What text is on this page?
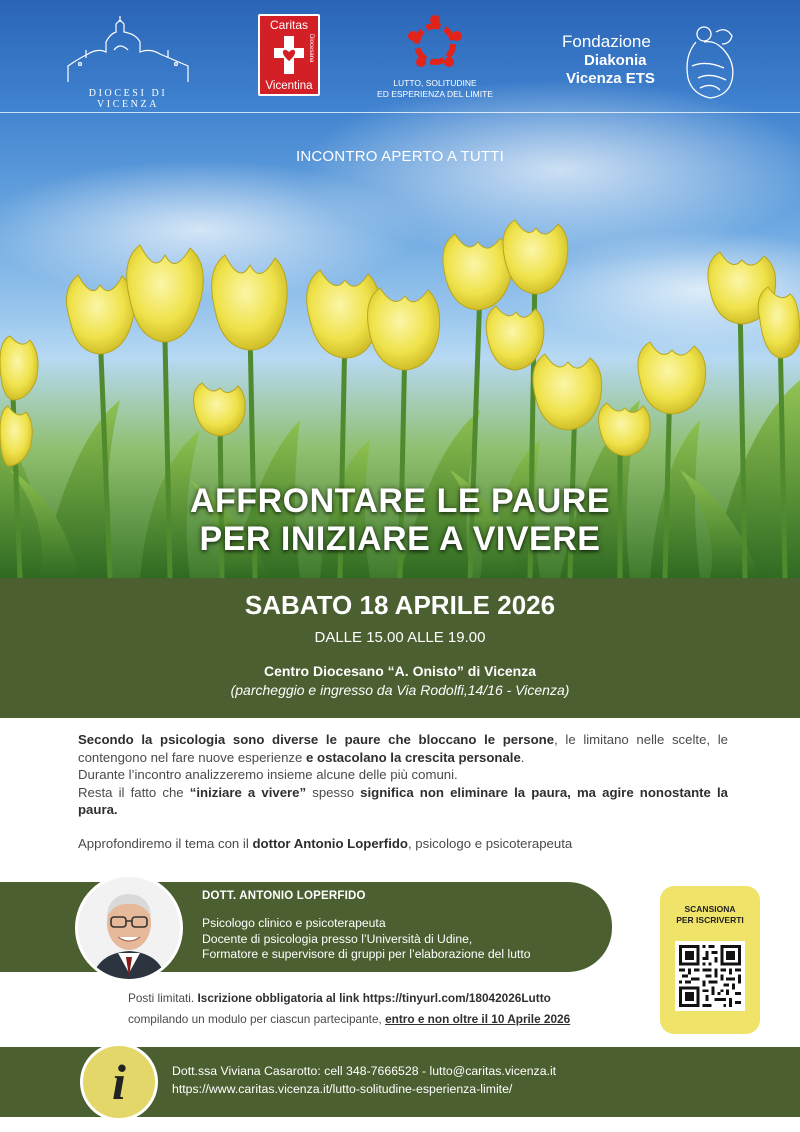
DIOCESI DI VICENZA
Caritas
Diocesana
Vicentina	LUTTO, SOLITUDINE
ED ESPERIENZA DEL LIMITE
Fondazione
Diakonia
Vicenza ETS
INCONTRO APERTO A TUTTI
AFFRONTARE LE PAURE
PER INIZIARE A VIVERE
SABATO 18 APRILE 2026
DALLE 15.00 ALLE 19.00
Centro Diocesano “A. Onisto” di Vicenza
(parcheggio e ingresso da Via Rodolfi,14/16 - Vicenza)

Secondo la psicologia sono diverse le paure che bloccano le persone, le limitano nelle scelte, le contengono nel fare nuove esperienze e ostacolano la crescita personale.

Durante l’incontro analizzeremo insieme alcune delle più comuni.

Resta il fatto che “iniziare a vivere” spesso significa non eliminare la paura, ma agire nonostante la paura.

Approfondiremo il tema con il dottor Antonio Loperfido, psicologo e psicoterapeuta

DOTT. ANTONIO LOPERFIDO
Psicologo clinico e psicoterapeuta
Docente di psicologia presso l’Università di Udine,
Formatore e supervisore di gruppi per l’elaborazione del lutto
Posti limitati. Iscrizione obbligatoria al link https://tinyurl.com/18042026Lutto
compilando un modulo per ciascun partecipante, entro e non oltre il 10 Aprile 2026
SCANSIONA
PER ISCRIVERTI
i	Dott.ssa Viviana Casarotto: cell 348-7666528 - lutto@caritas.vicenza.it
https://www.caritas.vicenza.it/lutto-solitudine-esperienza-limite/
